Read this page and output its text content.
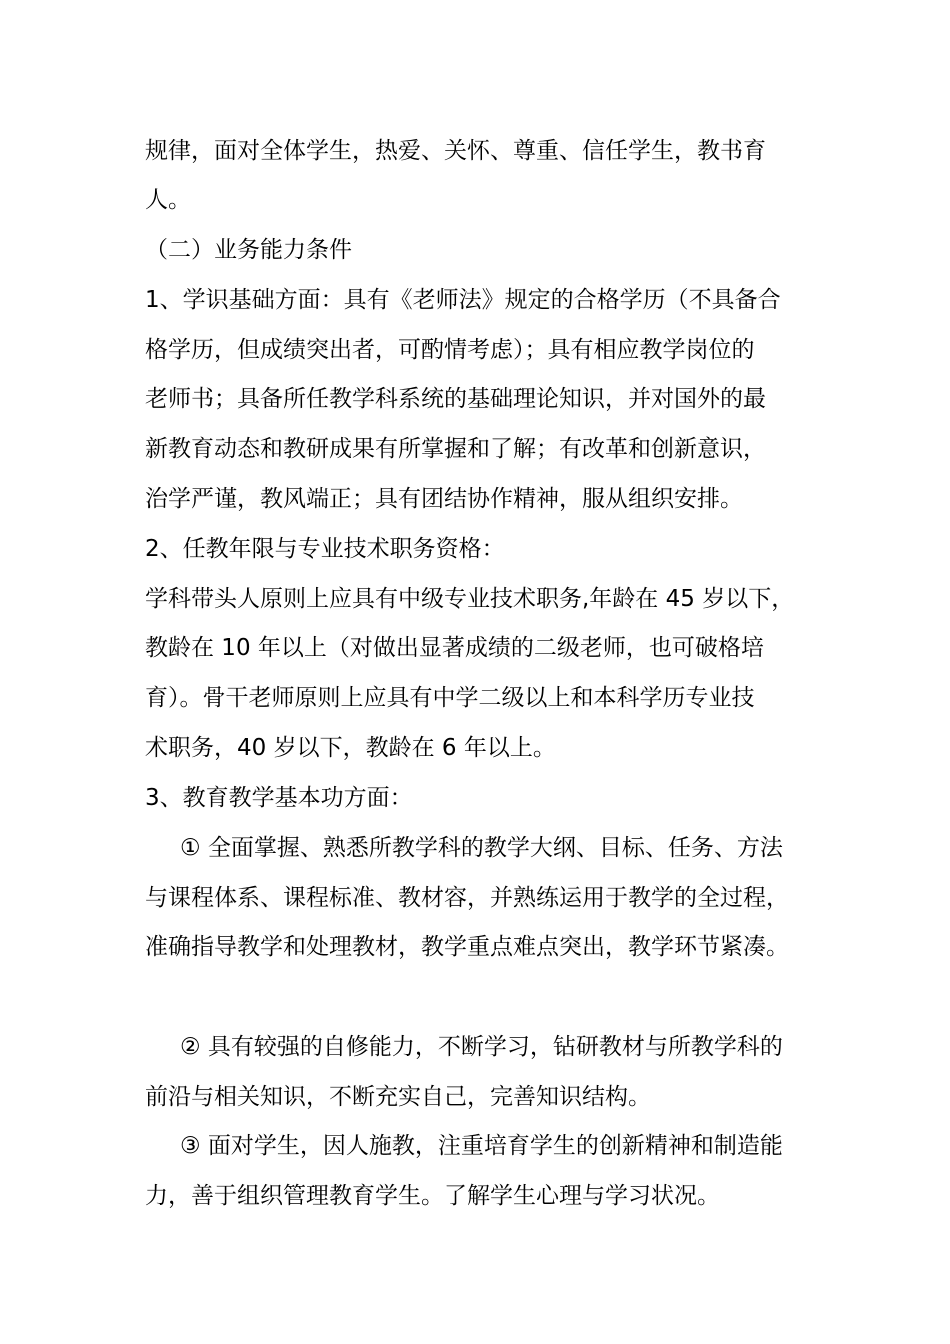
规律，面对全体学生，热爱、关怀、尊重、信任学生，教书育
人。
（二）业务能力条件
1、学识基础方面：具有《老师法》规定的合格学历（不具备合
格学历，但成绩突出者，可酌情考虑）；具有相应教学岗位的
老师书；具备所任教学科系统的基础理论知识，并对国外的最
新教育动态和教研成果有所掌握和了解；有改革和创新意识，
治学严谨，教风端正；具有团结协作精神，服从组织安排。
2、任教年限与专业技术职务资格：
学科带头人原则上应具有中级专业技术职务,年龄在 45 岁以下，
教龄在 10 年以上（对做出显著成绩的二级老师，也可破格培
育）。骨干老师原则上应具有中学二级以上和本科学历专业技
术职务，40 岁以下，教龄在 6 年以上。
3、教育教学基本功方面：
① 全面掌握、熟悉所教学科的教学大纲、目标、任务、方法
与课程体系、课程标准、教材容，并熟练运用于教学的全过程，
准确指导教学和处理教材，教学重点难点突出，教学环节紧凑。
② 具有较强的自修能力，不断学习，钻研教材与所教学科的
前沿与相关知识，不断充实自己，完善知识结构。
③ 面对学生，因人施教，注重培育学生的创新精神和制造能
力，善于组织管理教育学生。了解学生心理与学习状况。
